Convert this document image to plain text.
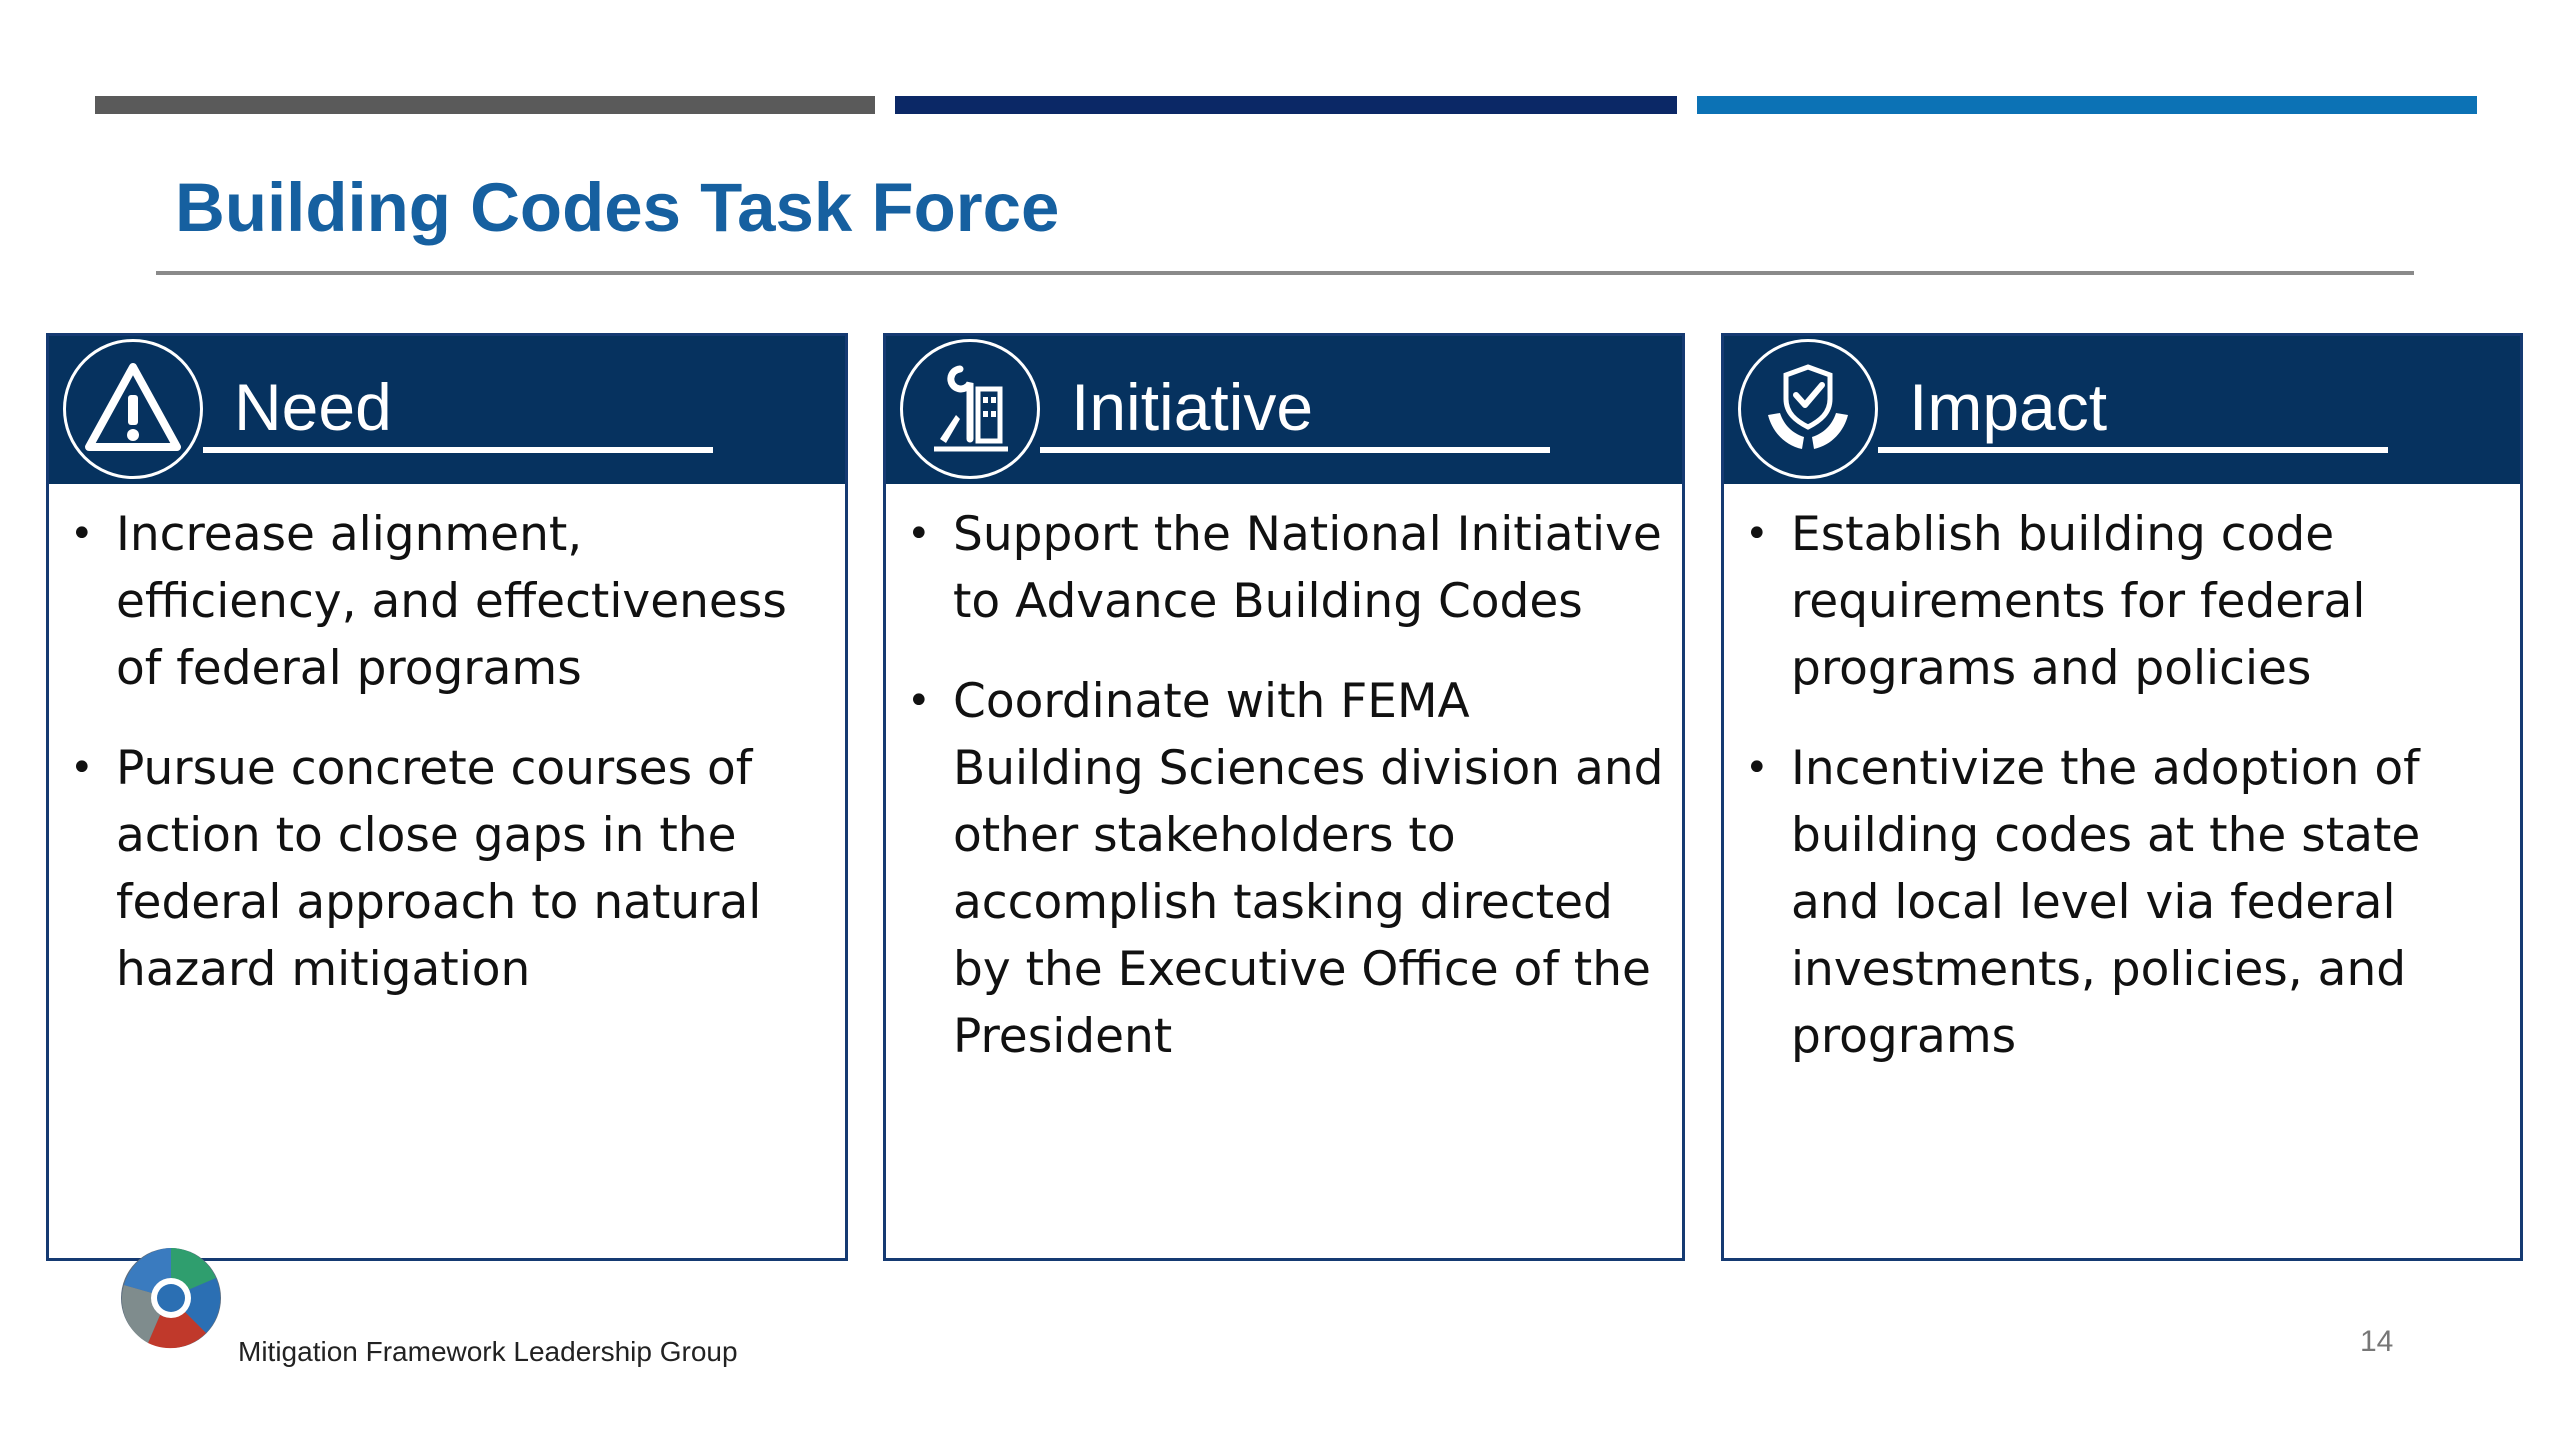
Building Codes Task Force
Need
• Increase alignment, efficiency, and effectiveness of federal programs
• Pursue concrete courses of action to close gaps in the federal approach to natural hazard mitigation
Initiative
• Support the National Initiative to Advance Building Codes
• Coordinate with FEMA Building Sciences division and other stakeholders to accomplish tasking directed by the Executive Office of the President
Impact
• Establish building code requirements for federal programs and policies
• Incentivize the adoption of building codes at the state and local level via federal investments, policies, and programs
Mitigation Framework Leadership Group	14
